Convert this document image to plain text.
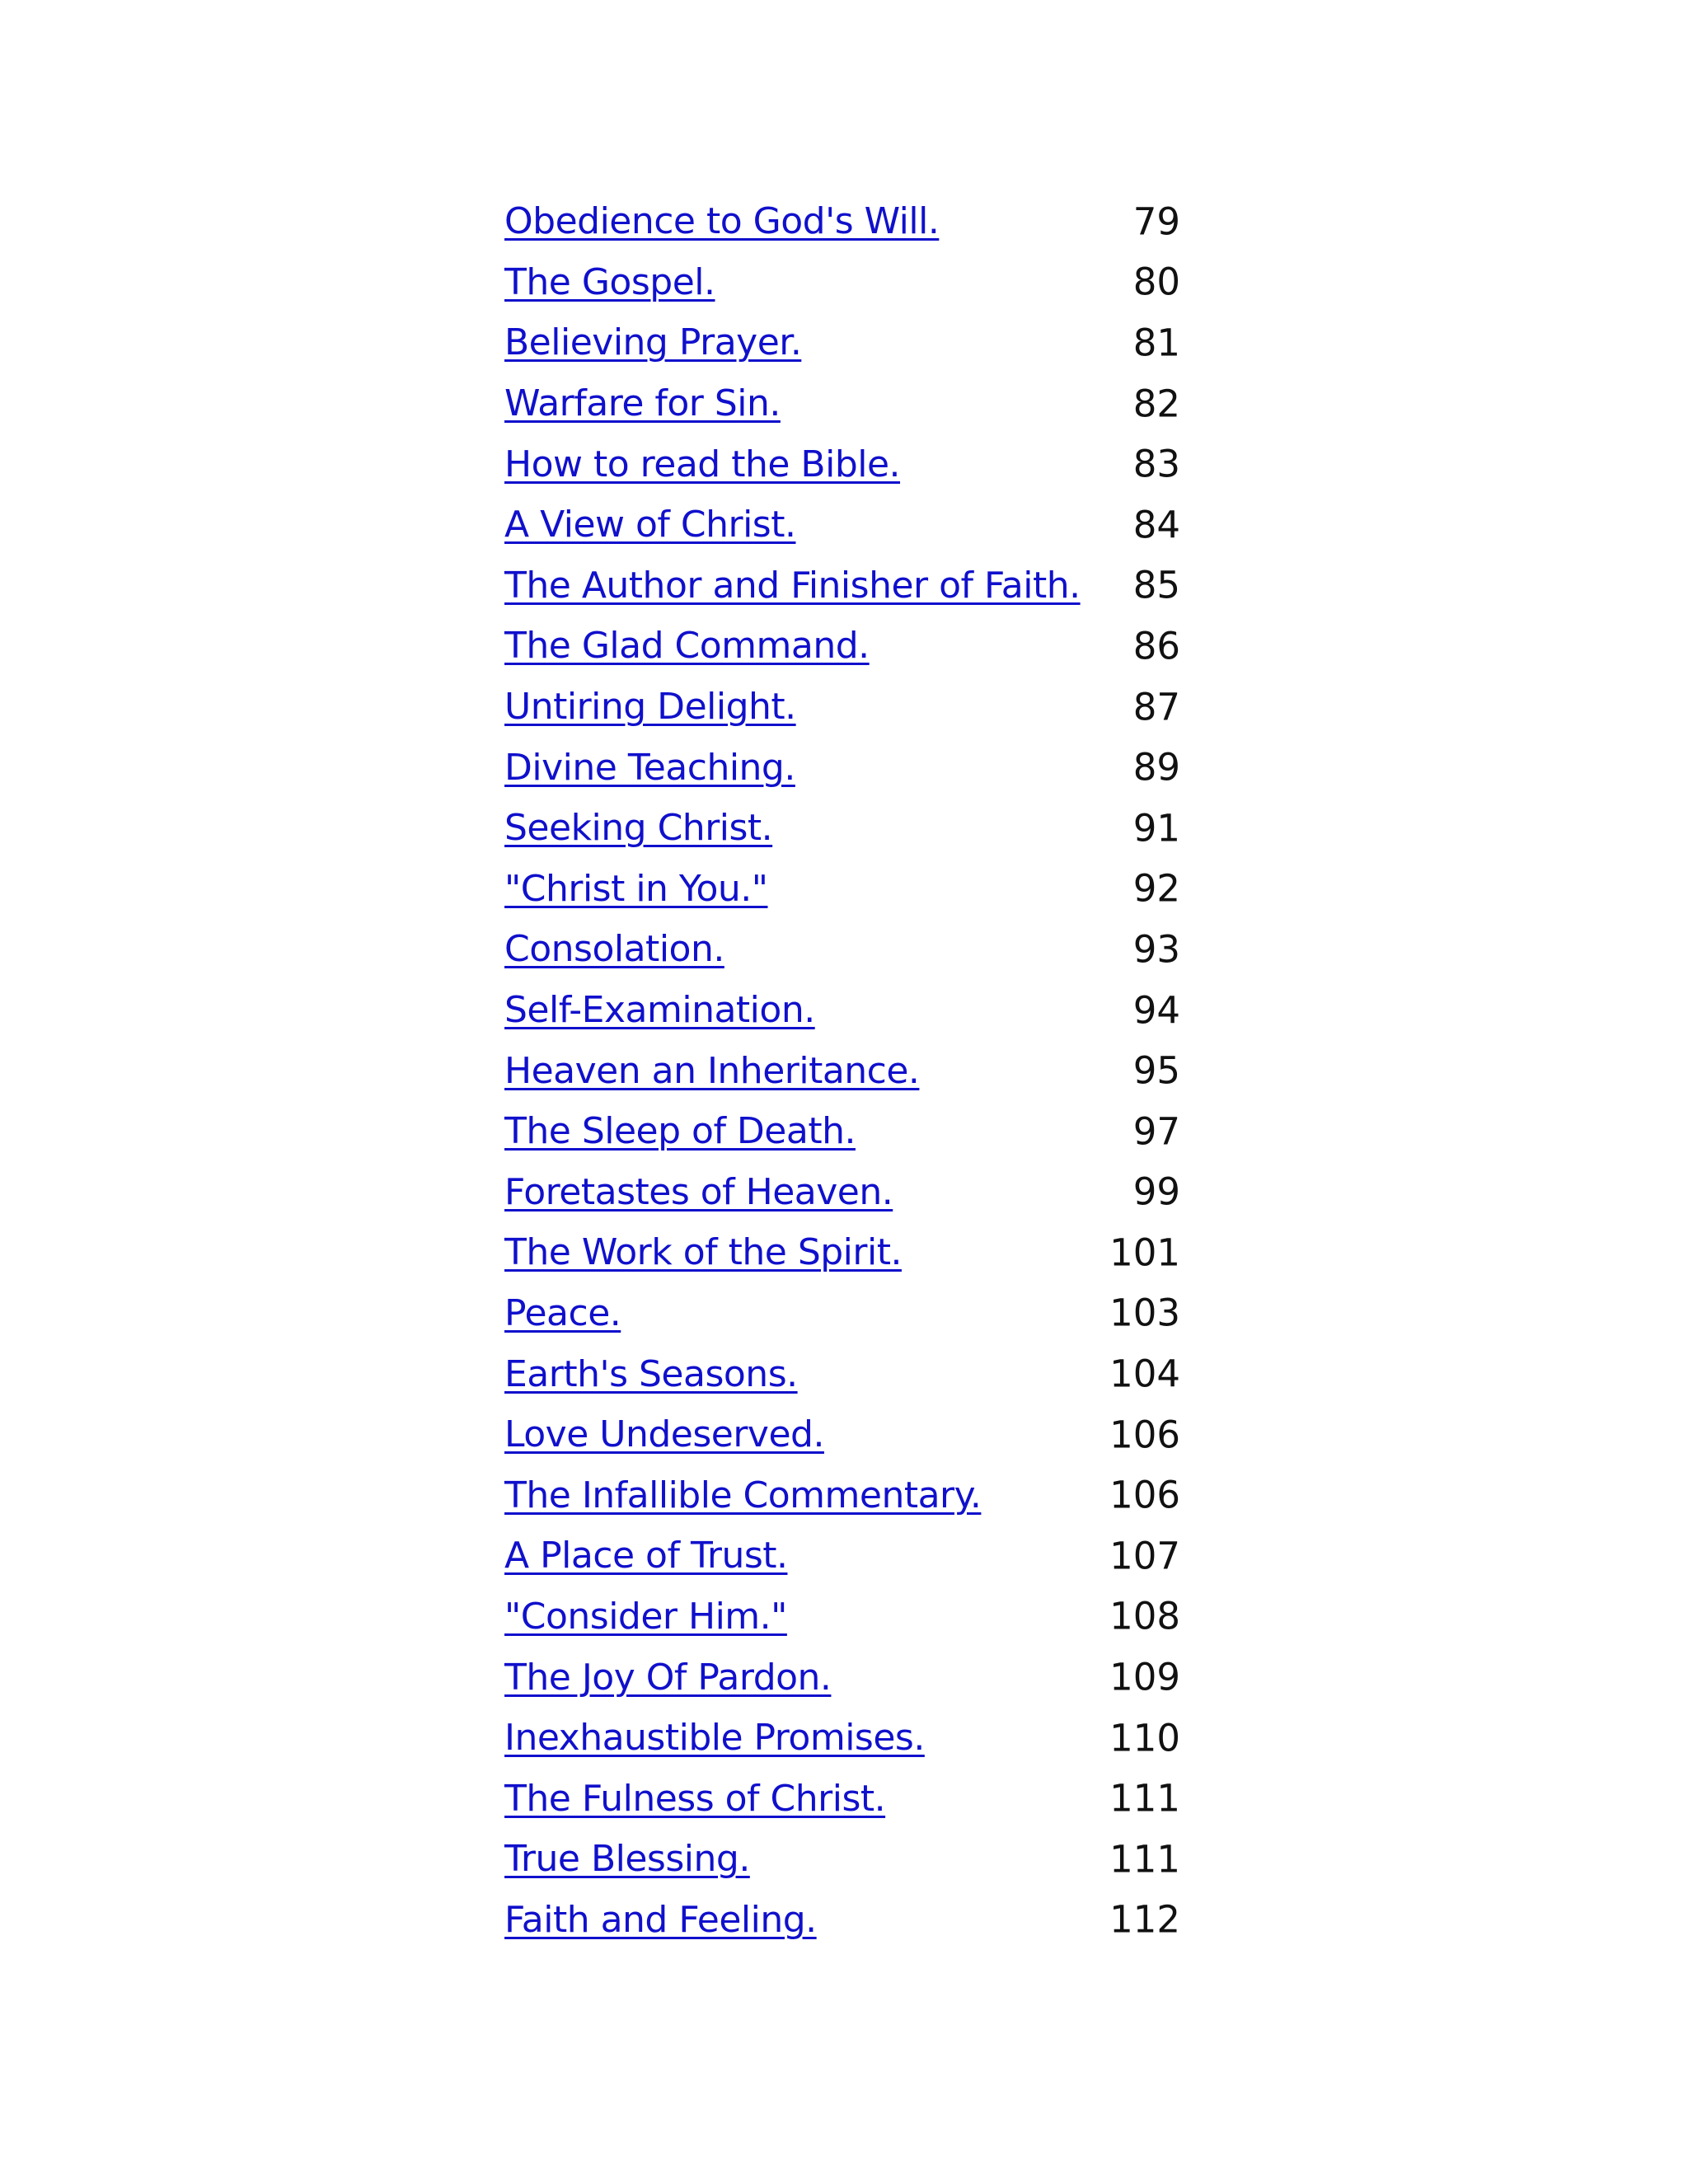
Obedience to God's Will.	79
The Gospel.	80
Believing Prayer.	81
Warfare for Sin.	82
How to read the Bible.	83
A View of Christ.	84
The Author and Finisher of Faith. 85
The Glad Command.	86
Untiring Delight.	87
Divine Teaching.	89
Seeking Christ.	91
"Christ in You."	92
Consolation.	93
Self-Examination.	94
Heaven an Inheritance.	95
The Sleep of Death.	97
Foretastes of Heaven.	99
The Work of the Spirit.	101
Peace.	103
Earth's Seasons.	104
Love Undeserved.	106
The Infallible Commentary.	106
A Place of Trust.	107
"Consider Him."	108
The Joy Of Pardon.	109
Inexhaustible Promises.	110
The Fulness of Christ.	111
True Blessing.	111
Faith and Feeling.	112
